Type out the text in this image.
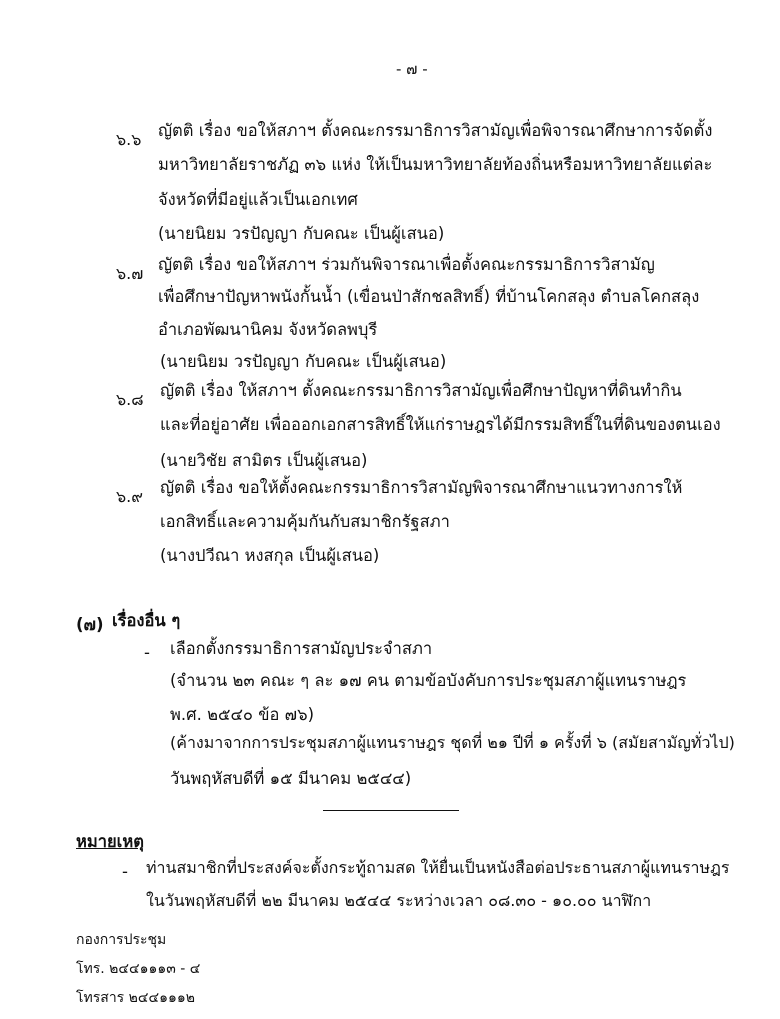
- ๗ -
๖.๖ ญัตติ เรื่อง ขอให้สภาฯ ตั้งคณะกรรมาธิการวิสามัญเพื่อพิจารณาศึกษาการจัดตั้ง
มหาวิทยาลัยราชภัฏ ๓๖ แห่ง ให้เป็นมหาวิทยาลัยท้องถิ่นหรือมหาวิทยาลัยแต่ละ
จังหวัดที่มีอยู่แล้วเป็นเอกเทศ
(นายนิยม วรปัญญา กับคณะ เป็นผู้เสนอ)
๖.๗ ญัตติ เรื่อง ขอให้สภาฯ ร่วมกันพิจารณาเพื่อตั้งคณะกรรมาธิการวิสามัญ
เพื่อศึกษาปัญหาพนังกั้นน้ำ (เขื่อนป่าสักชลสิทธิ์) ที่บ้านโคกสลุง ตำบลโคกสลุง
อำเภอพัฒนานิคม จังหวัดลพบุรี
(นายนิยม วรปัญญา กับคณะ เป็นผู้เสนอ)
๖.๘ ญัตติ เรื่อง ให้สภาฯ ตั้งคณะกรรมาธิการวิสามัญเพื่อศึกษาปัญหาที่ดินทำกิน
และที่อยู่อาศัย เพื่อออกเอกสารสิทธิ์ให้แก่ราษฎรได้มีกรรมสิทธิ์ในที่ดินของตนเอง
(นายวิชัย สามิตร เป็นผู้เสนอ)
๖.๙ ญัตติ เรื่อง ขอให้ตั้งคณะกรรมาธิการวิสามัญพิจารณาศึกษาแนวทางการให้
เอกสิทธิ์และความคุ้มกันกับสมาชิกรัฐสภา
(นางปวีณา หงสกุล เป็นผู้เสนอ)
(๗) เรื่องอื่น ๆ
- เลือกตั้งกรรมาธิการสามัญประจำสภา
(จำนวน ๒๓ คณะ ๆ ละ ๑๗ คน ตามข้อบังคับการประชุมสภาผู้แทนราษฎร
พ.ศ. ๒๕๔๐ ข้อ ๗๖)
(ค้างมาจากการประชุมสภาผู้แทนราษฎร ชุดที่ ๒๑ ปีที่ ๑ ครั้งที่ ๖ (สมัยสามัญทั่วไป)
วันพฤหัสบดีที่ ๑๕ มีนาคม ๒๕๔๔)
หมายเหตุ
- ท่านสมาชิกที่ประสงค์จะตั้งกระทู้ถามสด ให้ยื่นเป็นหนังสือต่อประธานสภาผู้แทนราษฎร
ในวันพฤหัสบดีที่ ๒๒ มีนาคม ๒๕๔๔ ระหว่างเวลา ๐๘.๓๐ - ๑๐.๐๐ นาฬิกา
กองการประชุม
โทร. ๒๔๔๑๑๑๓ - ๔
โทรสาร ๒๔๔๑๑๑๒
